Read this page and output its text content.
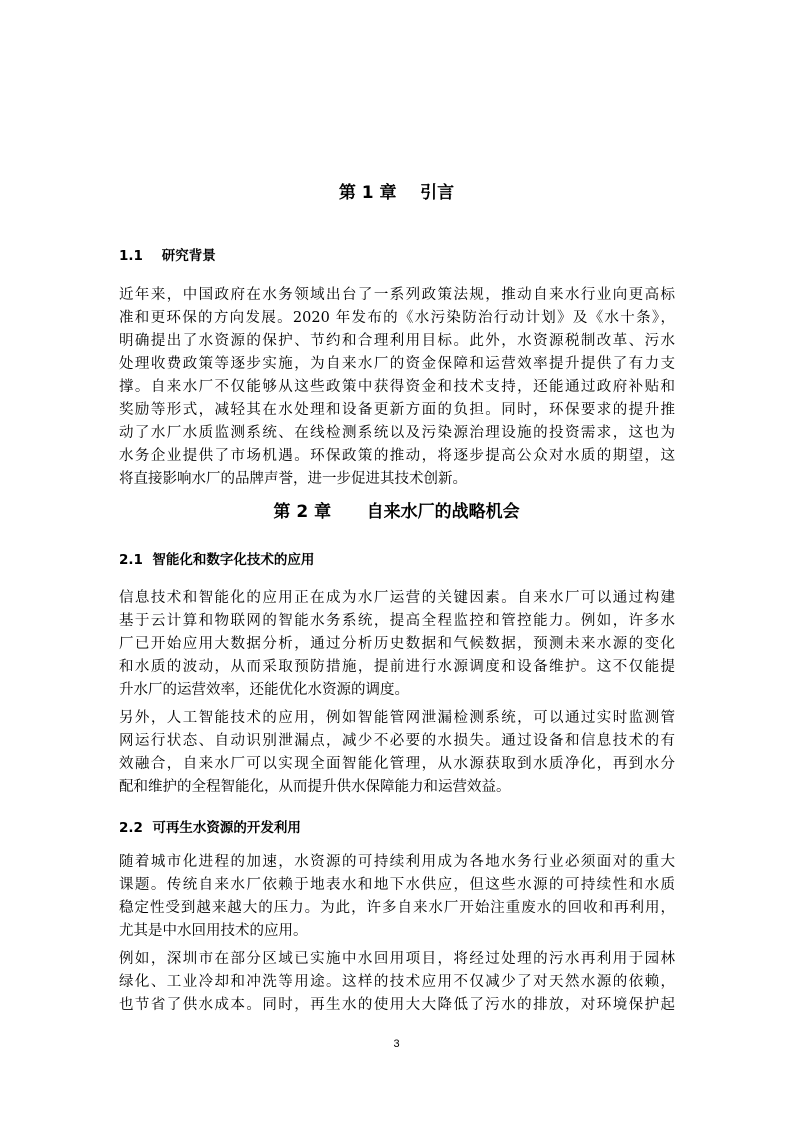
第 1 章    引言
1.1    研究背景
近年来，中国政府在水务领域出台了一系列政策法规，推动自来水行业向更高标
准和更环保的方向发展。2020 年发布的《水污染防治行动计划》及《水十条》，
明确提出了水资源的保护、节约和合理利用目标。此外，水资源税制改革、污水
处理收费政策等逐步实施，为自来水厂的资金保障和运营效率提升提供了有力支
撑。自来水厂不仅能够从这些政策中获得资金和技术支持，还能通过政府补贴和
奖励等形式，减轻其在水处理和设备更新方面的负担。同时，环保要求的提升推
动了水厂水质监测系统、在线检测系统以及污染源治理设施的投资需求，这也为
水务企业提供了市场机遇。环保政策的推动，将逐步提高公众对水质的期望，这
将直接影响水厂的品牌声誉，进一步促进其技术创新。
第 2 章      自来水厂的战略机会
2.1  智能化和数字化技术的应用
信息技术和智能化的应用正在成为水厂运营的关键因素。自来水厂可以通过构建
基于云计算和物联网的智能水务系统，提高全程监控和管控能力。例如，许多水
厂已开始应用大数据分析，通过分析历史数据和气候数据，预测未来水源的变化
和水质的波动，从而采取预防措施，提前进行水源调度和设备维护。这不仅能提
升水厂的运营效率，还能优化水资源的调度。
另外，人工智能技术的应用，例如智能管网泄漏检测系统，可以通过实时监测管
网运行状态、自动识别泄漏点，减少不必要的水损失。通过设备和信息技术的有
效融合，自来水厂可以实现全面智能化管理，从水源获取到水质净化，再到水分
配和维护的全程智能化，从而提升供水保障能力和运营效益。
2.2  可再生水资源的开发利用
随着城市化进程的加速，水资源的可持续利用成为各地水务行业必须面对的重大
课题。传统自来水厂依赖于地表水和地下水供应，但这些水源的可持续性和水质
稳定性受到越来越大的压力。为此，许多自来水厂开始注重废水的回收和再利用，
尤其是中水回用技术的应用。
例如，深圳市在部分区域已实施中水回用项目，将经过处理的污水再利用于园林
绿化、工业冷却和冲洗等用途。这样的技术应用不仅减少了对天然水源的依赖，
也节省了供水成本。同时，再生水的使用大大降低了污水的排放，对环境保护起
3
